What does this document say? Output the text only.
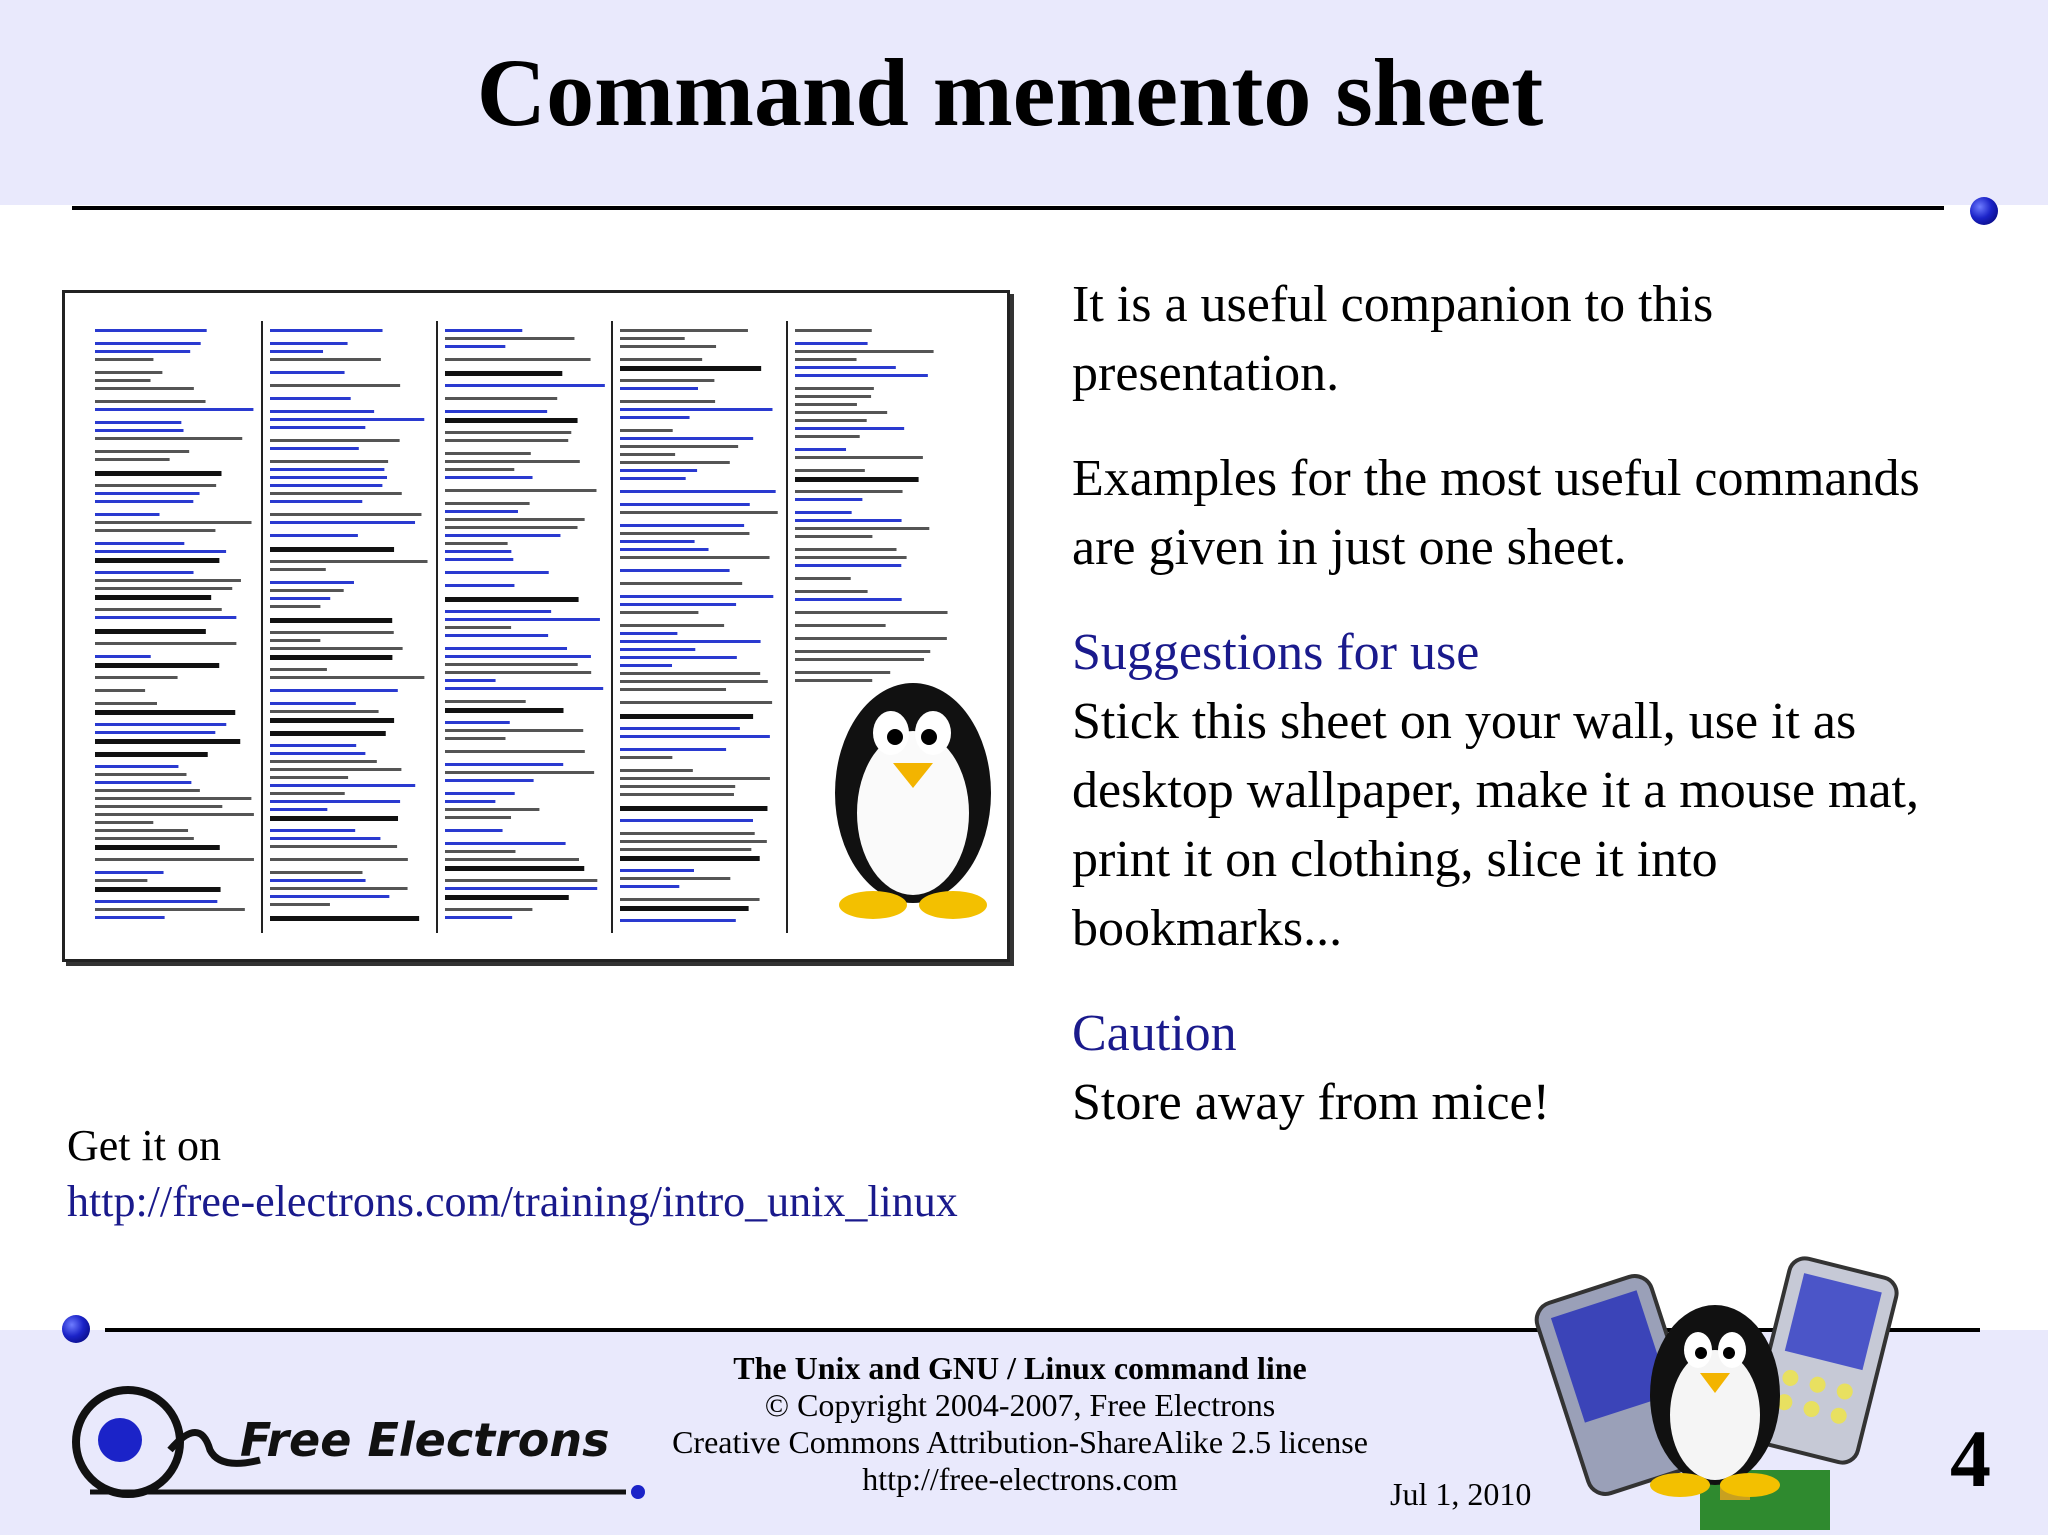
Command memento sheet

It is a useful companion to this presentation.

Examples for the most useful commands are given in just one sheet.

Suggestions for use

Stick this sheet on your wall, use it as desktop wallpaper, make it a mouse mat, print it on clothing, slice it into bookmarks...

Caution

Store away from mice!

Get it on
http://free-electrons.com/training/intro_unix_linux
Free Electrons
The Unix and GNU / Linux command line
© Copyright 2004-2007, Free Electrons
Creative Commons Attribution-ShareAlike 2.5 license
http://free-electrons.com	Jul 1, 2010	4
